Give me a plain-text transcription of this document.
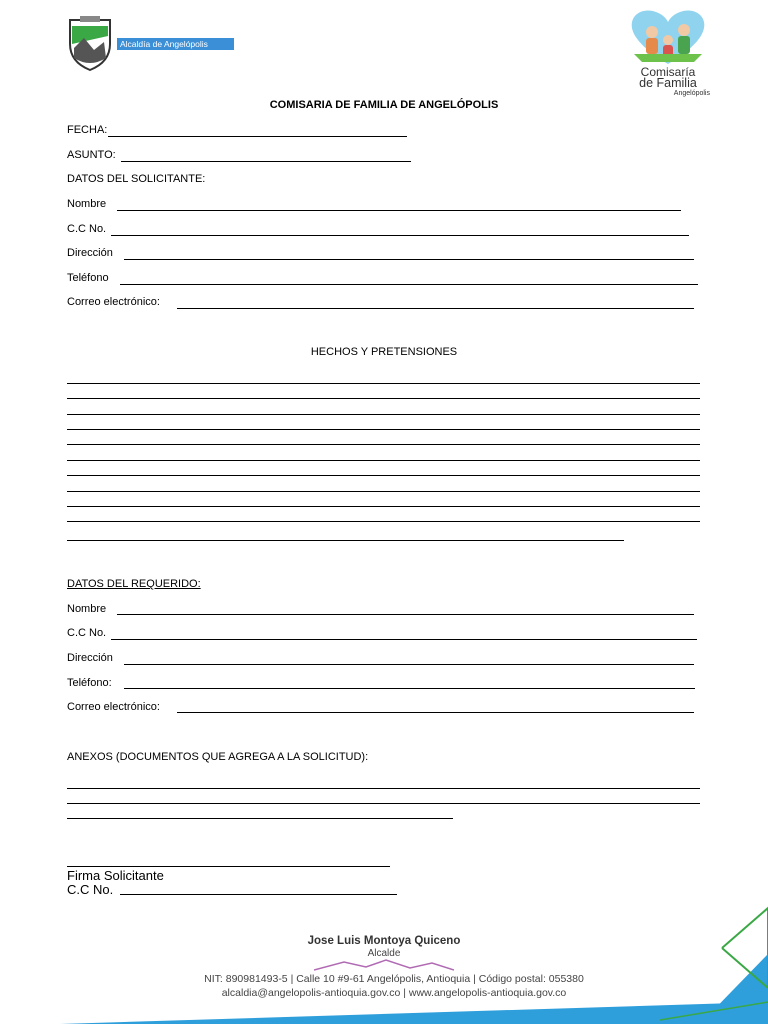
Alcaldía de Angelópolis
Comisaría
de Familia
Angelópolis
COMISARIA DE FAMILIA DE ANGELÓPOLIS
FECHA:
ASUNTO:
DATOS DEL SOLICITANTE:
Nombre
C.C No.
Dirección
Teléfono
Correo electrónico:
HECHOS Y PRETENSIONES
DATOS DEL REQUERIDO:
Nombre
C.C No.
Dirección
Teléfono:
Correo electrónico:
ANEXOS (DOCUMENTOS QUE AGREGA A LA SOLICITUD):
Firma Solicitante
C.C No.
Jose Luis Montoya Quiceno
Alcalde
NIT: 890981493-5 | Calle 10 #9-61 Angelópolis, Antioquia | Código postal: 055380
alcaldia@angelopolis-antioquia.gov.co | www.angelopolis-antioquia.gov.co
